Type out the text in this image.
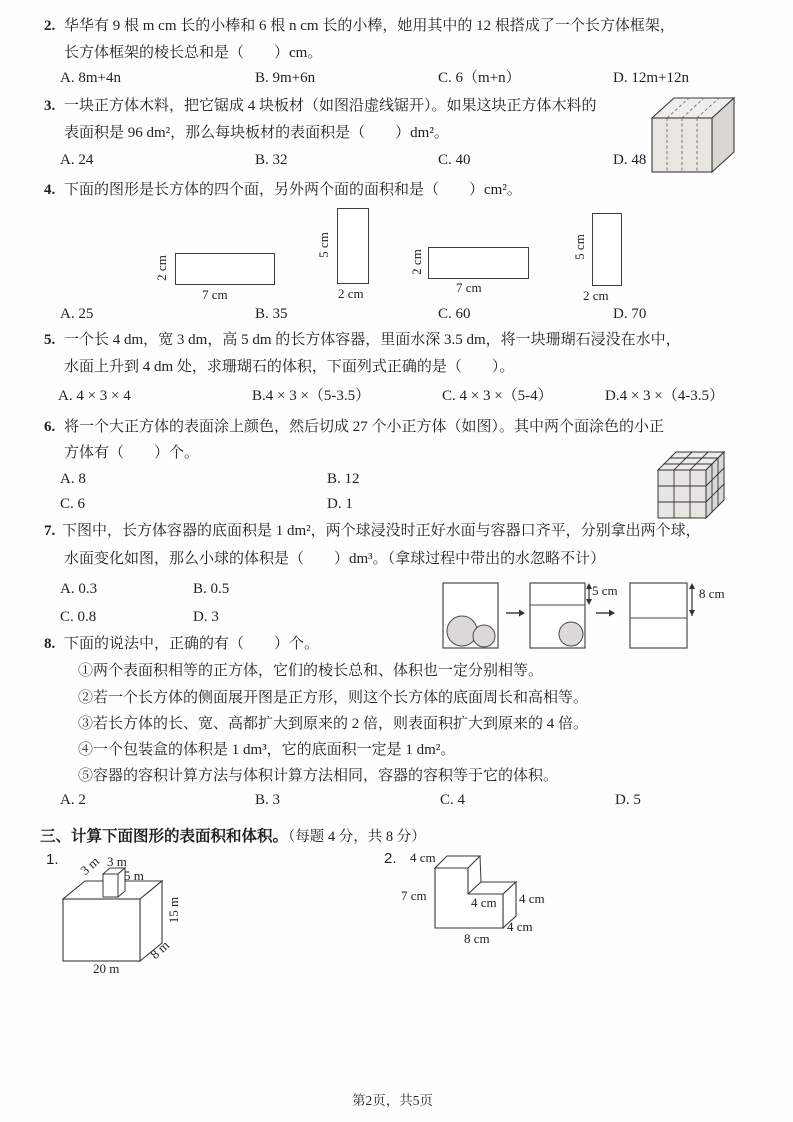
2. 华华有 9 根 m cm 长的小棒和 6 根 n cm 长的小棒，她用其中的 12 根搭成了一个长方体框架，
长方体框架的棱长总和是（　　）cm。
A. 8m+4n	B. 9m+6n	C. 6（m+n）	D. 12m+12n
3. 一块正方体木料，把它锯成 4 块板材（如图沿虚线锯开）。如果这块正方体木料的
表面积是 96 dm²，那么每块板材的表面积是（　　）dm²。
A. 24	B. 32	C. 40	D. 48
4. 下面的图形是长方体的四个面，另外两个面的面积和是（　　）cm²。
2 cm
7 cm
5 cm
2 cm
2 cm
7 cm
5 cm
2 cm
A. 25	B. 35	C. 60	D. 70
5. 一个长 4 dm，宽 3 dm，高 5 dm 的长方体容器，里面水深 3.5 dm，将一块珊瑚石浸没在水中，
水面上升到 4 dm 处，求珊瑚石的体积，下面列式正确的是（　　）。
A. 4 × 3 × 4	B.4 × 3 ×（5-3.5）	C. 4 × 3 ×（5-4）	D.4 × 3 ×（4-3.5）
6. 将一个大正方体的表面涂上颜色，然后切成 27 个小正方体（如图）。其中两个面涂色的小正
方体有（　　）个。
A. 8	B. 12
C. 6	D. 1
7. 下图中，长方体容器的底面积是 1 dm²，两个球浸没时正好水面与容器口齐平，分别拿出两个球，
水面变化如图，那么小球的体积是（　　）dm³。（拿球过程中带出的水忽略不计）
A. 0.3	B. 0.5
C. 0.8	D. 3
5 cm	8 cm
8. 下面的说法中，正确的有（　　）个。
①两个表面积相等的正方体，它们的棱长总和、体积也一定分别相等。
②若一个长方体的侧面展开图是正方形，则这个长方体的底面周长和高相等。
③若长方体的长、宽、高都扩大到原来的 2 倍，则表面积扩大到原来的 4 倍。
④一个包装盒的体积是 1 dm³，它的底面积一定是 1 dm²。
⑤容器的容积计算方法与体积计算方法相同，容器的容积等于它的体积。
A. 2	B. 3	C. 4	D. 5
三、计算下面图形的表面积和体积。（每题 4 分，共 8 分）
1. 3 m 3 m
5 m
15 m
8 m
20 m
2. 4 cm
7 cm	4 cm 4 cm
4 cm
8 cm
第2页，共5页
